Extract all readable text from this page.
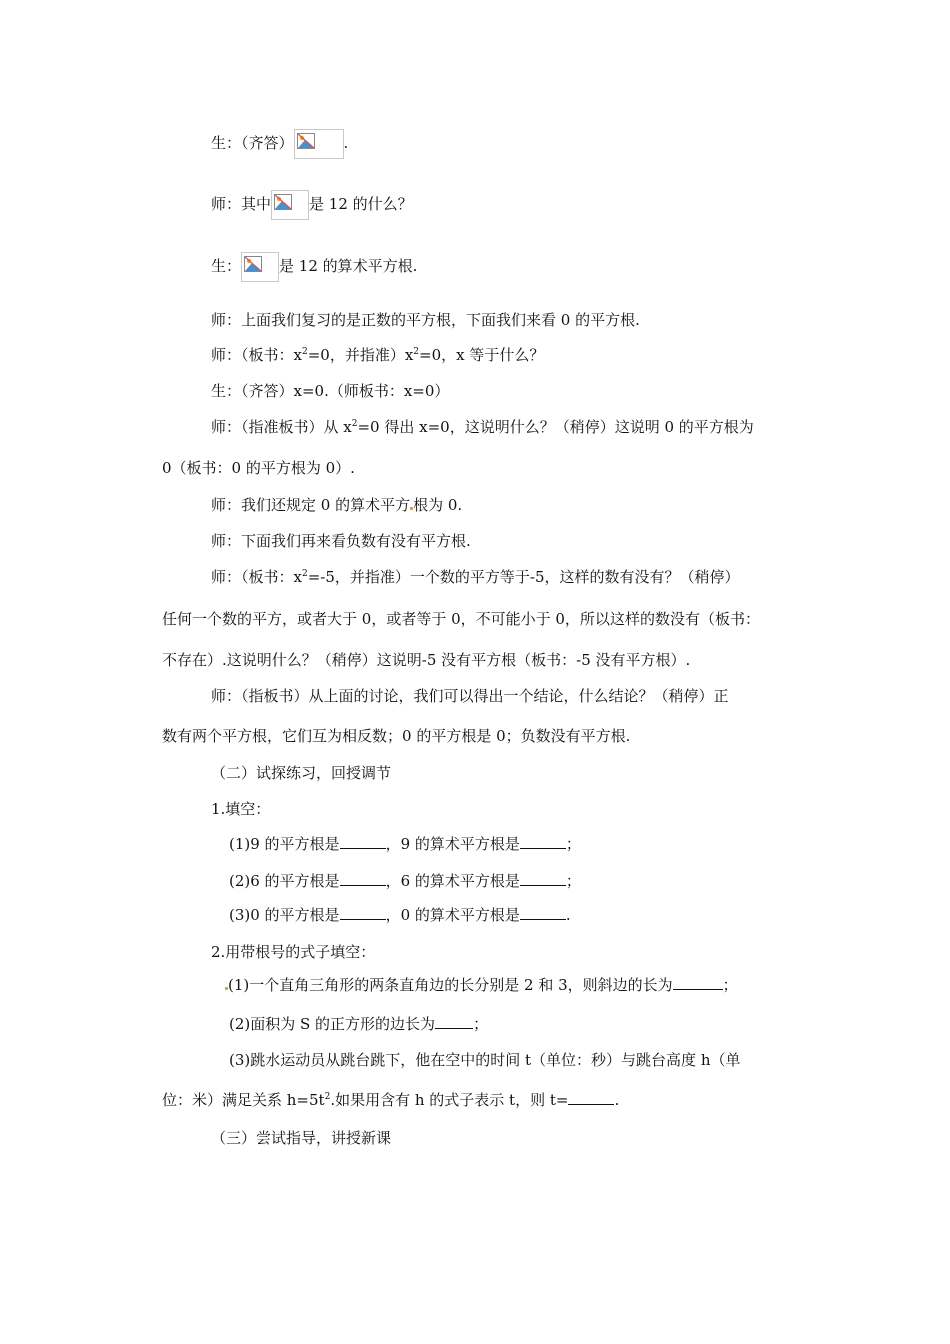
生：（齐答）	.
师：其中	是 12 的什么？
生：	是 12 的算术平方根.
师：上面我们复习的是正数的平方根，下面我们来看 0 的平方根.
师：（板书：$x^2=0$，并指准）$x^2=0$，x 等于什么？
生：（齐答）x=0.（师板书：x=0）
师：（指准板书）从 $x^2=0$ 得出 x=0，这说明什么？（稍停）这说明 0 的平方根为
0（板书：0 的平方根为 0）.
师：我们还规定 0 的算术平方 根为 0.
师：下面我们再来看负数有没有平方根.
师：（板书：$x^2=-5$，并指准）一个数的平方等于-5，这样的数有没有？（稍停）
任何一个数的平方，或者大于 0，或者等于 0，不可能小于 0，所以这样的数没有（板书：
不存在）.这说明什么？（稍停）这说明-5 没有平方根（板书：-5 没有平方根）.
师：（指板书）从上面的讨论，我们可以得出一个结论，什么结论？（稍停）正
数有两个平方根，它们互为相反数；0 的平方根是 0；负数没有平方根.
（二）试探练习，回授调节
1.填空：
(1)9 的平方根是	，9 的算术平方根是	；
(2)6 的平方根是	，6 的算术平方根是	；
(3)0 的平方根是	，0 的算术平方根是	.
2.用带根号的式子填空：
(1)一个直角三角形的两条直角边的长分别是 2 和 3，则斜边的长为	；
(2)面积为 S 的正方形的边长为	；
(3)跳水运动员从跳台跳下，他在空中的时间 t（单位：秒）与跳台高度 h（单
位：米）满足关系 $h=5t^2$.如果用含有 h 的式子表示 t，则 t=	.
（三）尝试指导，讲授新课
